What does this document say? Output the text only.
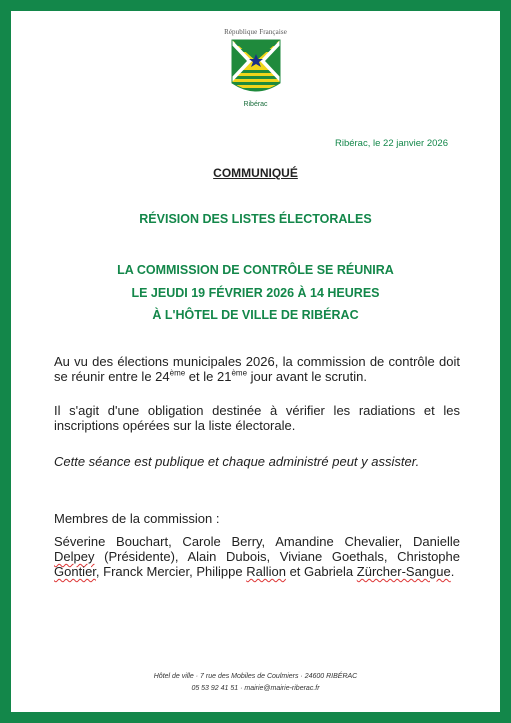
République Française
Ribérac
Ribérac, le 22 janvier 2026
COMMUNIQUÉ
RÉVISION DES LISTES ÉLECTORALES
LA COMMISSION DE CONTRÔLE SE RÉUNIRA
LE JEUDI 19 FÉVRIER 2026 À 14 HEURES
À L'HÔTEL DE VILLE DE RIBÉRAC
Au vu des élections municipales 2026, la commission de contrôle doit se réunir entre le 24ème et le 21ème jour avant le scrutin.
Il s'agit d'une obligation destinée à vérifier les radiations et les inscriptions opérées sur la liste électorale.
Cette séance est publique et chaque administré peut y assister.
Membres de la commission :
Séverine Bouchart, Carole Berry, Amandine Chevalier, Danielle Delpey (Présidente), Alain Dubois, Viviane Goethals, Christophe Gontier, Franck Mercier, Philippe Rallion et Gabriela Zürcher-Sangue.
Hôtel de ville · 7 rue des Mobiles de Coulmiers · 24600 RIBÉRAC
05 53 92 41 51 · mairie@mairie-riberac.fr
